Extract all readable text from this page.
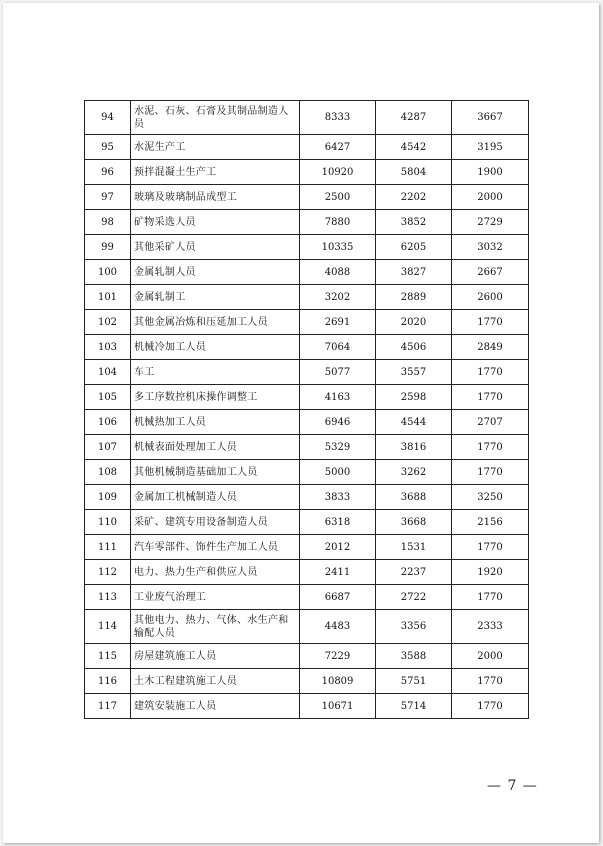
94	水泥、石灰、石膏及其制品制造人员	8333	4287	3667
95	水泥生产工	6427	4542	3195
96	预拌混凝土生产工	10920	5804	1900
97	玻璃及玻璃制品成型工	2500	2202	2000
98	矿物采选人员	7880	3852	2729
99	其他采矿人员	10335	6205	3032
100	金属轧制人员	4088	3827	2667
101	金属轧制工	3202	2889	2600
102	其他金属冶炼和压延加工人员	2691	2020	1770
103	机械冷加工人员	7064	4506	2849
104	车工	5077	3557	1770
105	多工序数控机床操作调整工	4163	2598	1770
106	机械热加工人员	6946	4544	2707
107	机械表面处理加工人员	5329	3816	1770
108	其他机械制造基础加工人员	5000	3262	1770
109	金属加工机械制造人员	3833	3688	3250
110	采矿、建筑专用设备制造人员	6318	3668	2156
111	汽车零部件、饰件生产加工人员	2012	1531	1770
112	电力、热力生产和供应人员	2411	2237	1920
113	工业废气治理工	6687	2722	1770
114	其他电力、热力、气体、水生产和输配人员	4483	3356	2333
115	房屋建筑施工人员	7229	3588	2000
116	土木工程建筑施工人员	10809	5751	1770
117	建筑安装施工人员	10671	5714	1770
— 7 —
